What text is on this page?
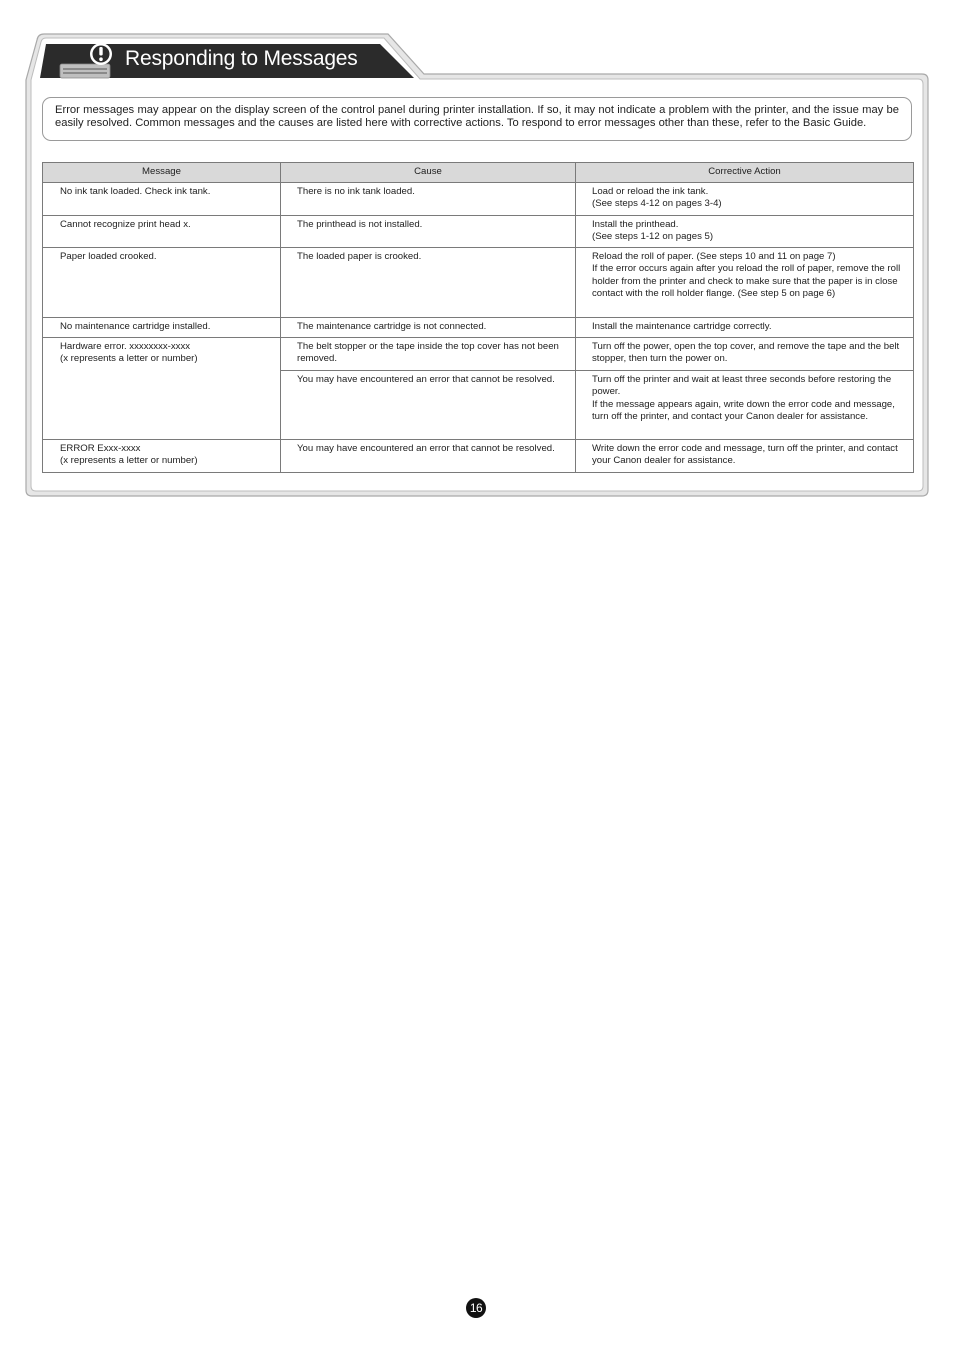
Responding to Messages
Error messages may appear on the display screen of the control panel during printer installation. If so, it may not indicate a problem with the printer, and the issue may be easily resolved. Common messages and the causes are listed here with corrective actions. To respond to error messages other than these, refer to the Basic Guide.
Message	Cause	Corrective Action

No ink tank loaded. Check ink tank.	There is no ink tank loaded.	Load or reload the ink tank.
(See steps 4-12 on pages 3-4)

Cannot recognize print head x.	The printhead is not installed.	Install the printhead.
(See steps 1-12 on pages 5)

Paper loaded crooked.	The loaded paper is crooked.	Reload the roll of paper. (See steps 10 and 11 on page 7)
If the error occurs again after you reload the roll of paper, remove the roll holder from the printer and check to make sure that the paper is in close contact with the roll holder flange. (See step 5 on page 6)

No maintenance cartridge installed.	The maintenance cartridge is not connected.	Install the maintenance cartridge correctly.

Hardware error. xxxxxxxx-xxxx
(x represents a letter or number)	The belt stopper or the tape inside the top cover has not been removed.	Turn off the power, open the top cover, and remove the tape and the belt stopper, then turn the power on.

	You may have encountered an error that cannot be resolved.	Turn off the printer and wait at least three seconds before restoring the power.
If the message appears again, write down the error code and message, turn off the printer, and contact your Canon dealer for assistance.

ERROR Exxx-xxxx
(x represents a letter or number)	You may have encountered an error that cannot be resolved.	Write down the error code and message, turn off the printer, and contact your Canon dealer for assistance.
16
